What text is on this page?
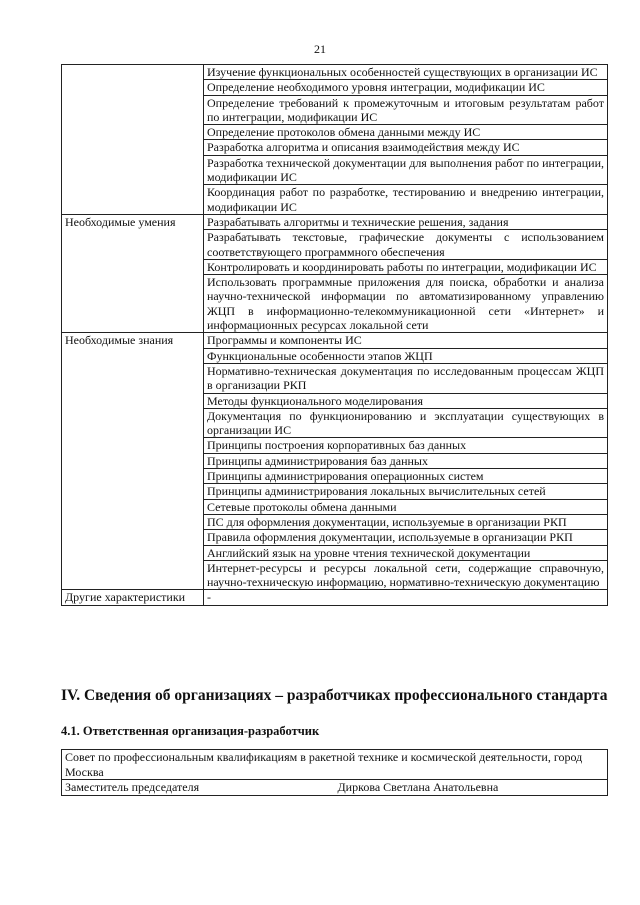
21
	Изучение функциональных особенностей существующих в организации ИС
	Определение необходимого уровня интеграции, модификации ИС
	Определение требований к промежуточным и итоговым результатам работ по интеграции, модификации ИС
	Определение протоколов обмена данными между ИС
	Разработка алгоритма и описания взаимодействия между ИС
	Разработка технической документации для выполнения работ по интеграции, модификации ИС
	Координация работ по разработке, тестированию и внедрению интеграции, модификации ИС
Необходимые умения	Разрабатывать алгоритмы и технические решения, задания
	Разрабатывать текстовые, графические документы с использованием соответствующего программного обеспечения
	Контролировать и координировать работы по интеграции, модификации ИС
	Использовать программные приложения для поиска, обработки и анализа научно-технической информации по автоматизированному управлению ЖЦП в информационно-телекоммуникационной сети «Интернет» и информационных ресурсах локальной сети
Необходимые знания	Программы и компоненты ИС
	Функциональные особенности этапов ЖЦП
	Нормативно-техническая документация по исследованным процессам ЖЦП в организации РКП
	Методы функционального моделирования
	Документация по функционированию и эксплуатации существующих в организации ИС
	Принципы построения корпоративных баз данных
	Принципы администрирования баз данных
	Принципы администрирования операционных систем
	Принципы администрирования локальных вычислительных сетей
	Сетевые протоколы обмена данными
	ПС для оформления документации, используемые в организации РКП
	Правила оформления документации, используемые в организации РКП
	Английский язык на уровне чтения технической документации
	Интернет-ресурсы и ресурсы локальной сети, содержащие справочную, научно-техническую информацию, нормативно-техническую документацию
Другие характеристики	-
IV. Сведения об организациях – разработчиках профессионального стандарта
4.1. Ответственная организация-разработчик
Совет по профессиональным квалификациям в ракетной технике и космической деятельности, город Москва
Заместитель председателя	Диркова Светлана Анатольевна
